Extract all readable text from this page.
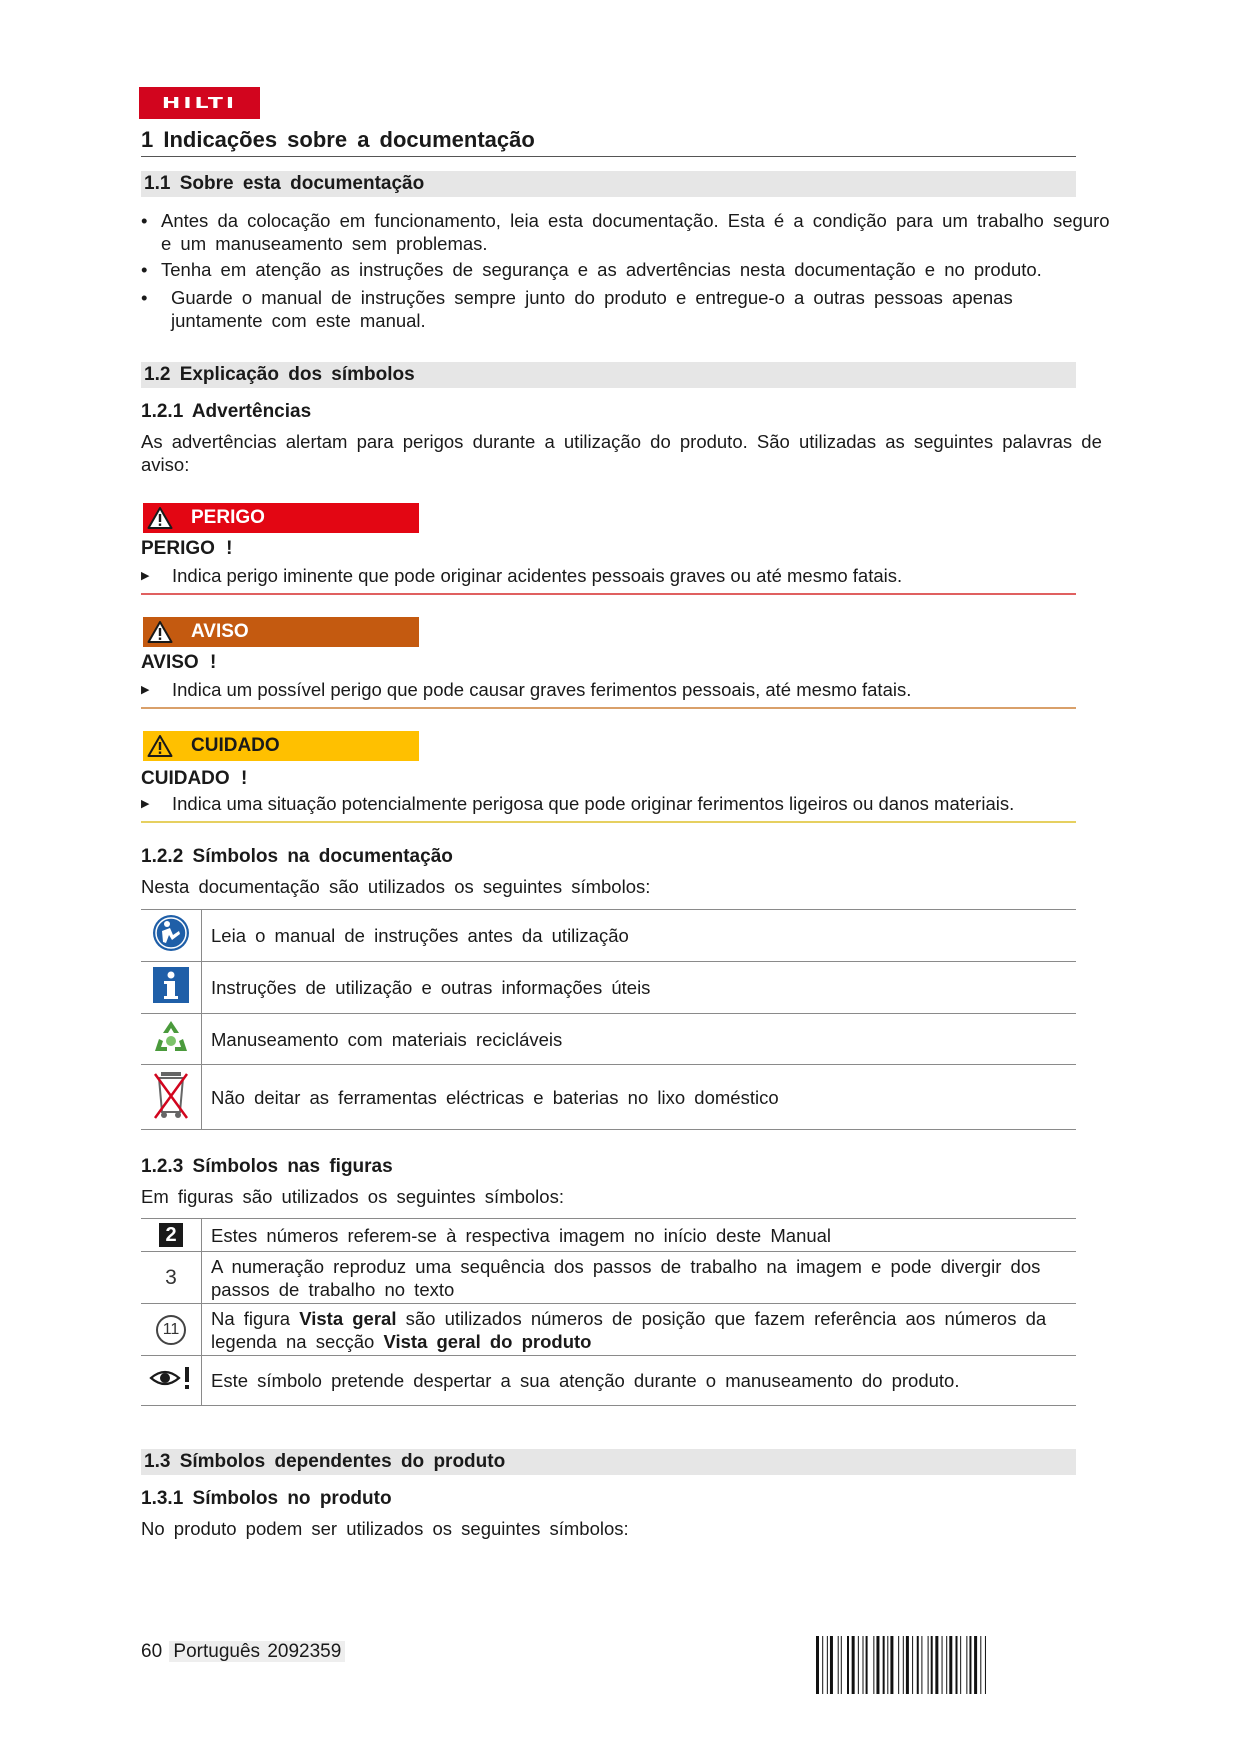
HILTI
1 Indicações sobre a documentação
1.1 Sobre esta documentação
• Antes da colocação em funcionamento, leia esta documentação. Esta é a condição para um trabalho seguro e um manuseamento sem problemas.
• Tenha em atenção as instruções de segurança e as advertências nesta documentação e no produto.
•	Guarde o manual de instruções sempre junto do produto e entregue-o a outras pessoas apenas juntamente com este manual.
1.2 Explicação dos símbolos
1.2.1 Advertências
As advertências alertam para perigos durante a utilização do produto. São utilizadas as seguintes palavras de aviso:
PERIGO
PERIGO !
▶	Indica perigo iminente que pode originar acidentes pessoais graves ou até mesmo fatais.
AVISO
AVISO !
▶	Indica um possível perigo que pode causar graves ferimentos pessoais, até mesmo fatais.
CUIDADO
CUIDADO !
▶	Indica uma situação potencialmente perigosa que pode originar ferimentos ligeiros ou danos materiais.
1.2.2 Símbolos na documentação
Nesta documentação são utilizados os seguintes símbolos:
	Leia o manual de instruções antes da utilização
	Instruções de utilização e outras informações úteis
	Manuseamento com materiais recicláveis
	Não deitar as ferramentas eléctricas e baterias no lixo doméstico
1.2.3 Símbolos nas figuras
Em figuras são utilizados os seguintes símbolos:
2	Estes números referem-se à respectiva imagem no início deste Manual
3	A numeração reproduz uma sequência dos passos de trabalho na imagem e pode divergir dos passos de trabalho no texto
11	Na figura Vista geral são utilizados números de posição que fazem referência aos números da legenda na secção Vista geral do produto
	Este símbolo pretende despertar a sua atenção durante o manuseamento do produto.
1.3 Símbolos dependentes do produto
1.3.1 Símbolos no produto
No produto podem ser utilizados os seguintes símbolos:
60 Português 2092359
